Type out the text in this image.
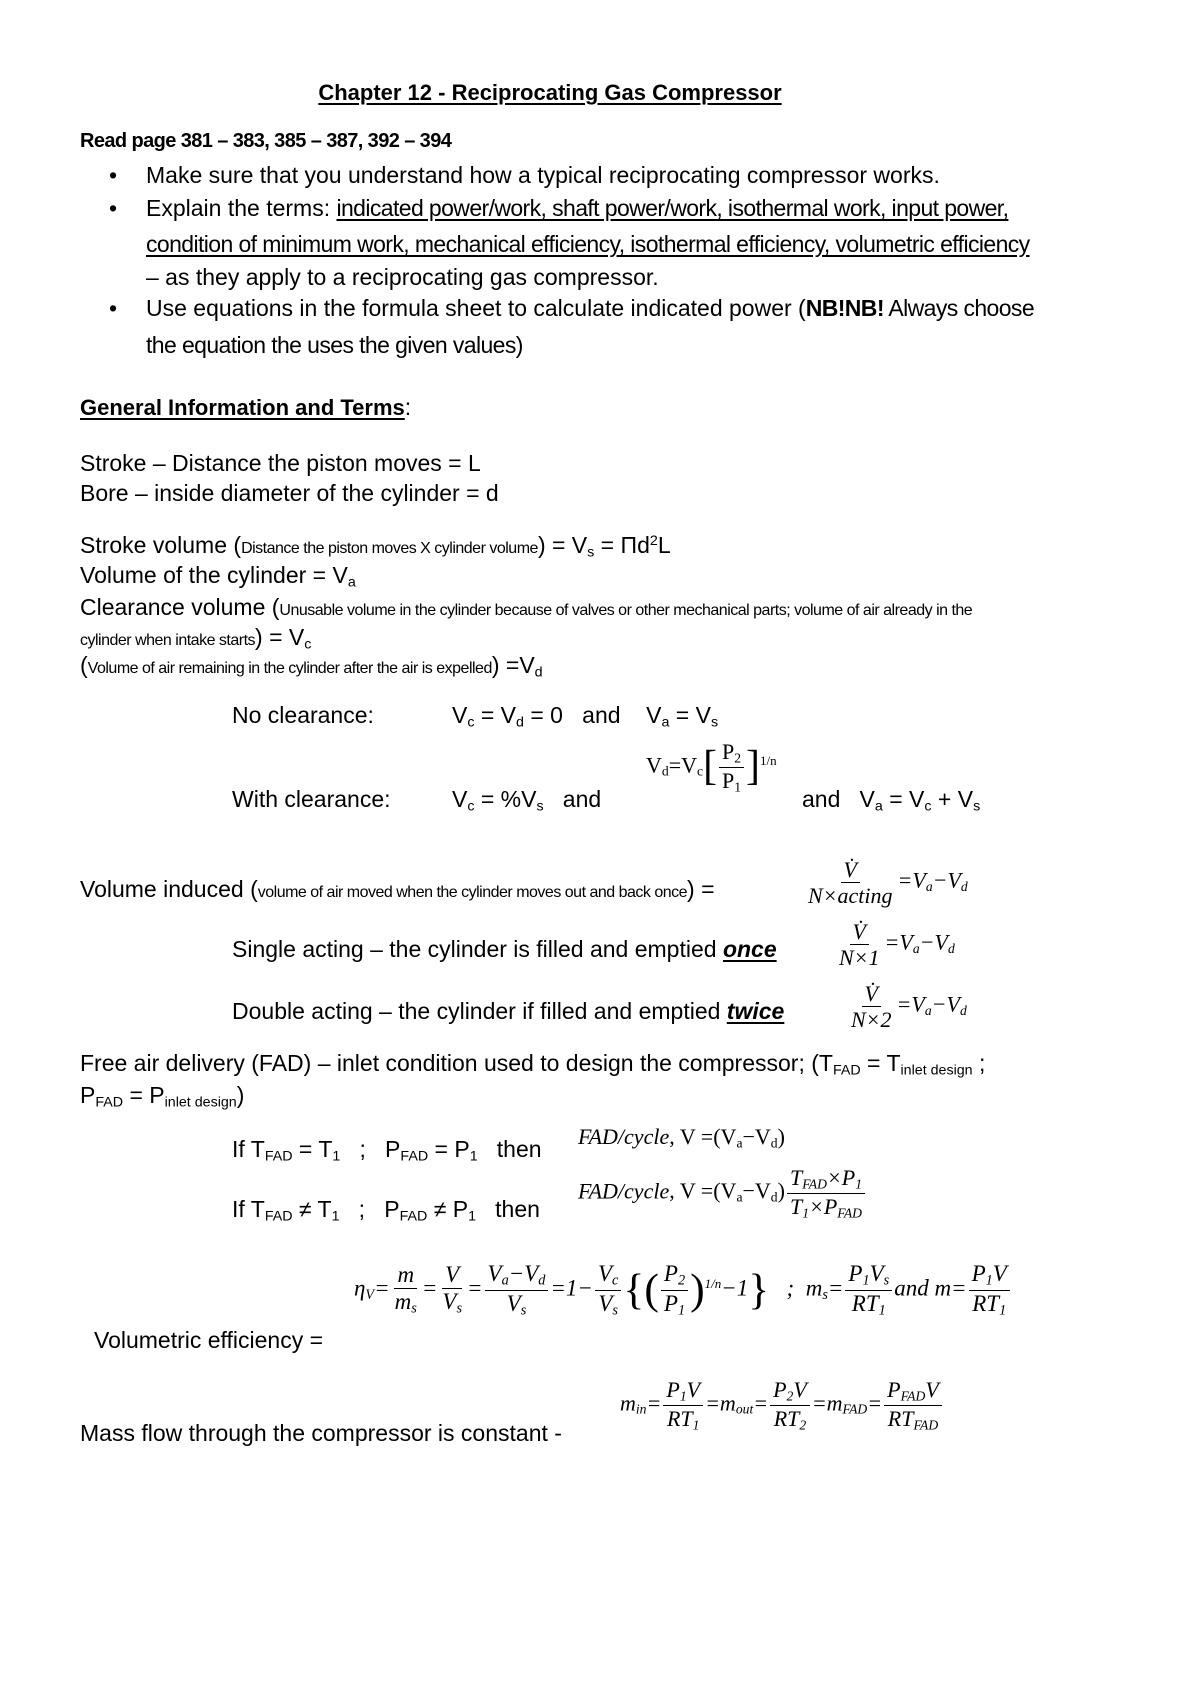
Chapter 12 - Reciprocating Gas Compressor
Read page 381 – 383, 385 – 387, 392 – 394
• Make sure that you understand how a typical reciprocating compressor works.
• Explain the terms: indicated power/work, shaft power/work, isothermal work, input power,
condition of minimum work, mechanical efficiency, isothermal efficiency, volumetric efficiency
– as they apply to a reciprocating gas compressor.
• Use equations in the formula sheet to calculate indicated power (NB!NB! Always choose
the equation the uses the given values)
General Information and Terms:
Stroke – Distance the piston moves = L
Bore – inside diameter of the cylinder = d
Stroke volume (Distance the piston moves X cylinder volume) = $V_s = \Pi d^2L$
Volume of the cylinder = $V_a$
Clearance volume (Unusable volume in the cylinder because of valves or other mechanical parts; volume of air already in the
cylinder when intake starts) = $V_c$
(Volume of air remaining in the cylinder after the air is expelled) $=V_d$
No clearance:	$V_c = V_d = 0$   and    $V_a = V_s$
With clearance:	$V_c = \%V_s$ and
$V_d=V_c[ \frac{P_2}{P_1} ]^{1/n}$
and   $V_a = V_c + V_s$
Volume induced (volume of air moved when the cylinder moves out and back once) =	$\frac{V̇}{\text{N×acting}} =V_a-V_d$
Single acting – the cylinder is filled and emptied once	$\frac{V̇}{N\times 1} =V_a-V_d$
Double acting – the cylinder if filled and emptied twice	$\frac{V̇}{N\times 2} =V_a-V_d$
Free air delivery (FAD) – inlet condition used to design the compressor; ($T_{FAD} = T_{inlet design}$ ;
$P_{FAD} = P_{inlet design}$)
If $T_{FAD} = T_1$   ;   $P_{FAD} = P_1$ then FAD/cycle, $V =(V_a-V_d)$
If $T_{FAD} \ne T_1$   ;   $P_{FAD} \ne P_1$ then
FAD/cycle, $V =(V_a-V_d) \frac{T_{FAD}\times P_1}{T_1\times P_{FAD}}$
Volumetric efficiency =
$\eta_V= \frac{m}{m_s} = \frac{V}{V_s} = \frac{V_a-V_d}{V_s} =1- \frac{V_c}{V_s}$ {( $\frac{P_2}{P_1} )^{1/n}-1$}   ;  $m_s= \frac{P_1V_s}{RT_1}$ and $m= \frac{P_1V}{RT_1}$
Mass flow through the compressor is constant -
$m_{in}= \frac{P_1V}{RT_1} =m_{out}= \frac{P_2V}{RT_2} =m_{FAD}= \frac{P_{FAD}V}{RT_{FAD}}$
